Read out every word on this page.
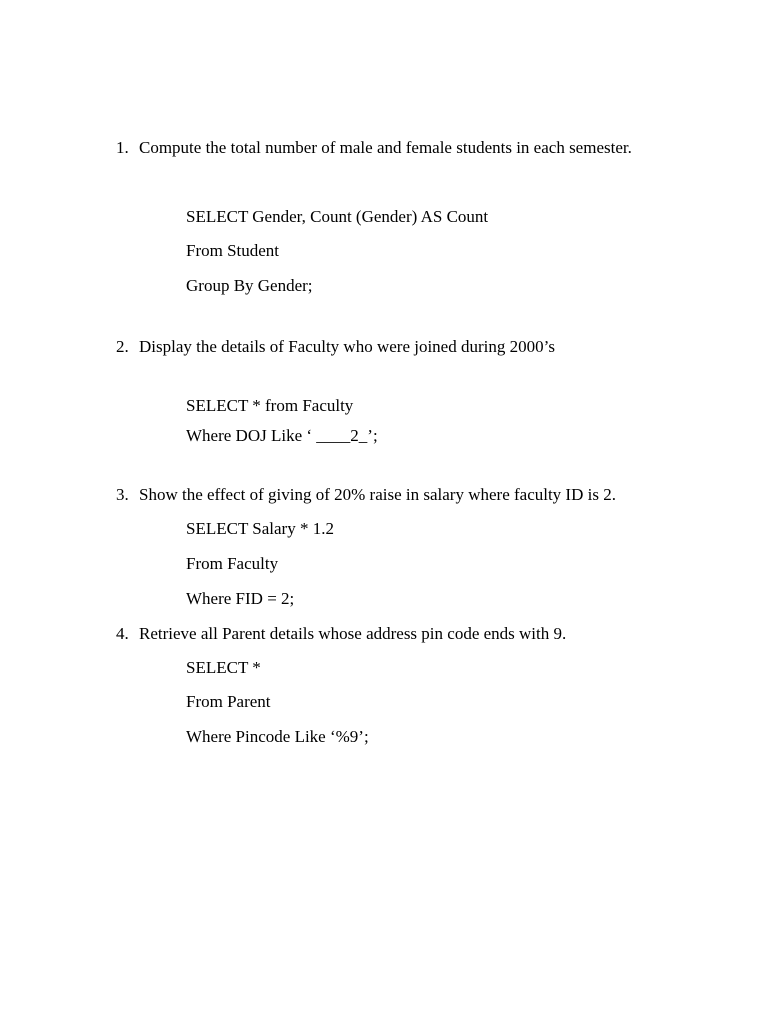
1. Compute the total number of male and female students in each semester.
SELECT Gender, Count (Gender) AS Count
From Student
Group By Gender;
2. Display the details of Faculty who were joined during 2000’s
SELECT * from Faculty
Where DOJ Like ‘ ____2_’;
3. Show the effect of giving of 20% raise in salary where faculty ID is 2.
SELECT Salary * 1.2
From Faculty
Where FID = 2;
4. Retrieve all Parent details whose address pin code ends with 9.
SELECT *
From Parent
Where Pincode Like ‘%9’;
